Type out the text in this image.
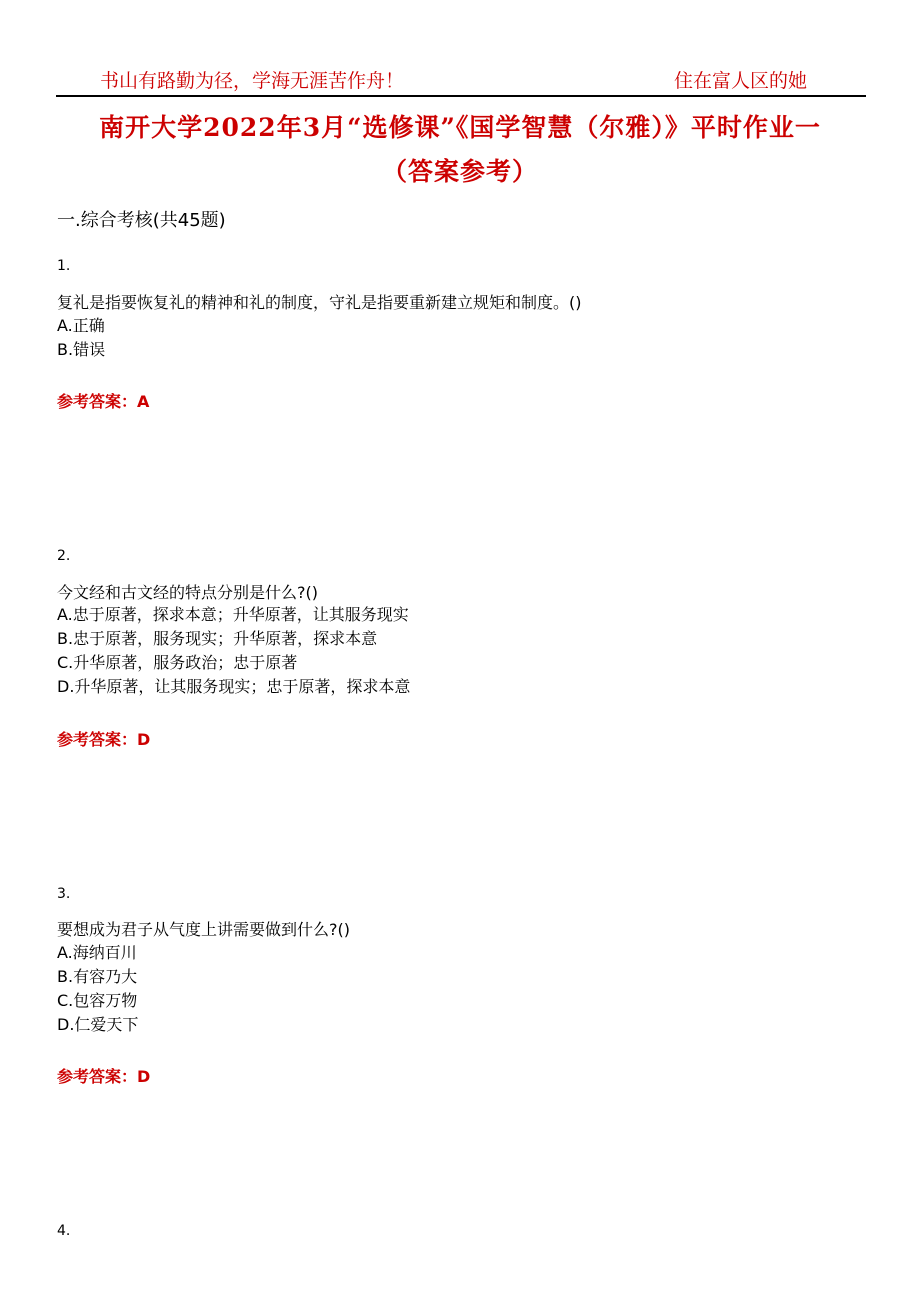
书山有路勤为径，学海无涯苦作舟！	住在富人区的她
南开大学2022年3月“选修课”《国学智慧（尔雅）》平时作业一
（答案参考）
一.综合考核(共45题)
1.
复礼是指要恢复礼的精神和礼的制度，守礼是指要重新建立规矩和制度。()
A.正确
B.错误
参考答案：A
2.
今文经和古文经的特点分别是什么?()
A.忠于原著，探求本意；升华原著，让其服务现实
B.忠于原著，服务现实；升华原著，探求本意
C.升华原著，服务政治；忠于原著
D.升华原著，让其服务现实；忠于原著，探求本意
参考答案：D
3.
要想成为君子从气度上讲需要做到什么?()
A.海纳百川
B.有容乃大
C.包容万物
D.仁爱天下
参考答案：D
4.
